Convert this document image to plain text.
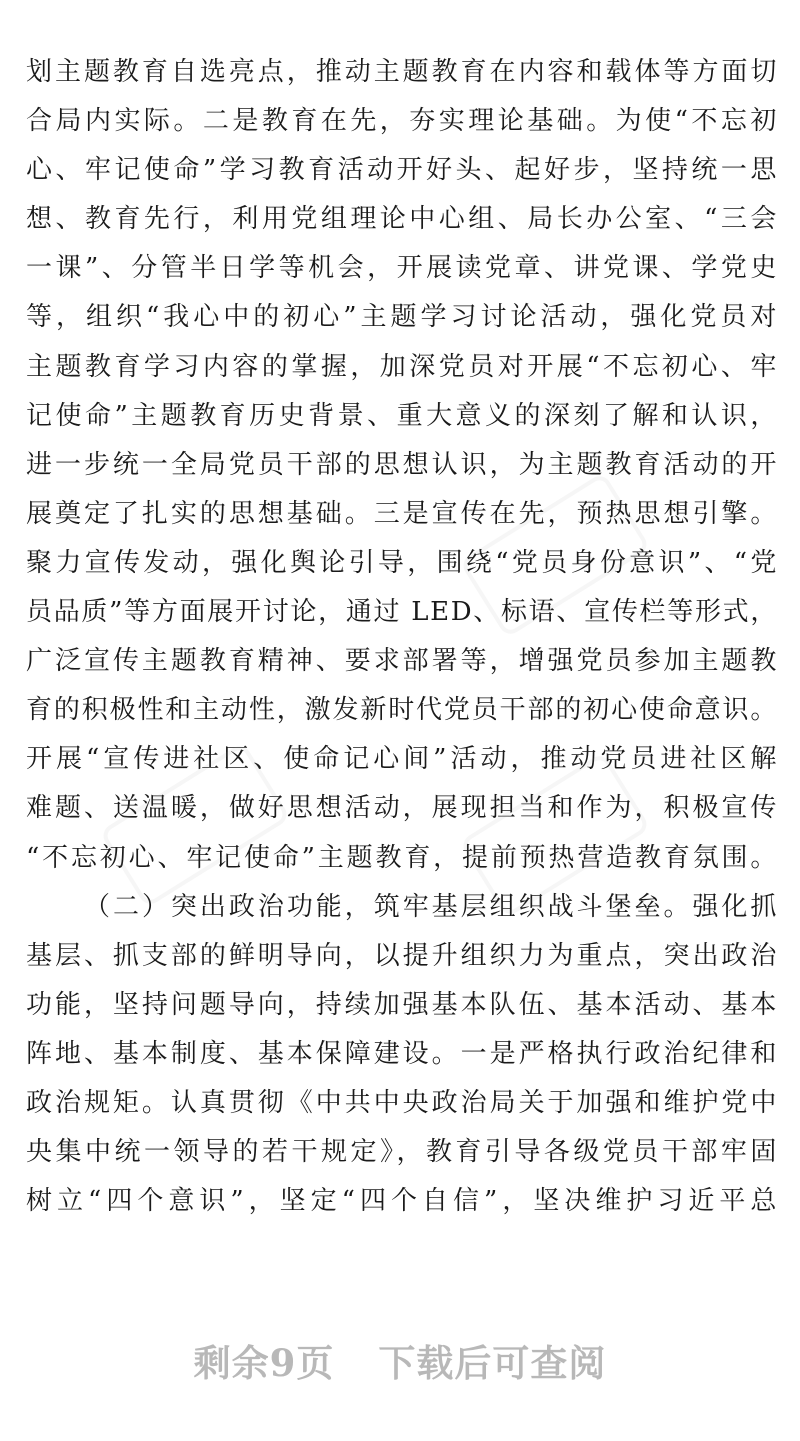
划主题教育自选亮点，推动主题教育在内容和载体等方面切
合局内实际。二是教育在先，夯实理论基础。为使“不忘初
心、牢记使命”学习教育活动开好头、起好步，坚持统一思
想、教育先行，利用党组理论中心组、局长办公室、“三会
一课”、分管半日学等机会，开展读党章、讲党课、学党史
等，组织“我心中的初心”主题学习讨论活动，强化党员对
主题教育学习内容的掌握，加深党员对开展“不忘初心、牢
记使命”主题教育历史背景、重大意义的深刻了解和认识，
进一步统一全局党员干部的思想认识，为主题教育活动的开
展奠定了扎实的思想基础。三是宣传在先，预热思想引擎。
聚力宣传发动，强化舆论引导，围绕“党员身份意识”、“党
员品质”等方面展开讨论，通过 LED、标语、宣传栏等形式，
广泛宣传主题教育精神、要求部署等，增强党员参加主题教
育的积极性和主动性，激发新时代党员干部的初心使命意识。
开展“宣传进社区、使命记心间”活动，推动党员进社区解
难题、送温暖，做好思想活动，展现担当和作为，积极宣传
“不忘初心、牢记使命”主题教育，提前预热营造教育氛围。
（二）突出政治功能，筑牢基层组织战斗堡垒。强化抓
基层、抓支部的鲜明导向，以提升组织力为重点，突出政治
功能，坚持问题导向，持续加强基本队伍、基本活动、基本
阵地、基本制度、基本保障建设。一是严格执行政治纪律和
政治规矩。认真贯彻《中共中央政治局关于加强和维护党中
央集中统一领导的若干规定》，教育引导各级党员干部牢固
树立“四个意识”，坚定“四个自信”，坚决维护习近平总
剩余9页 下载后可查阅
